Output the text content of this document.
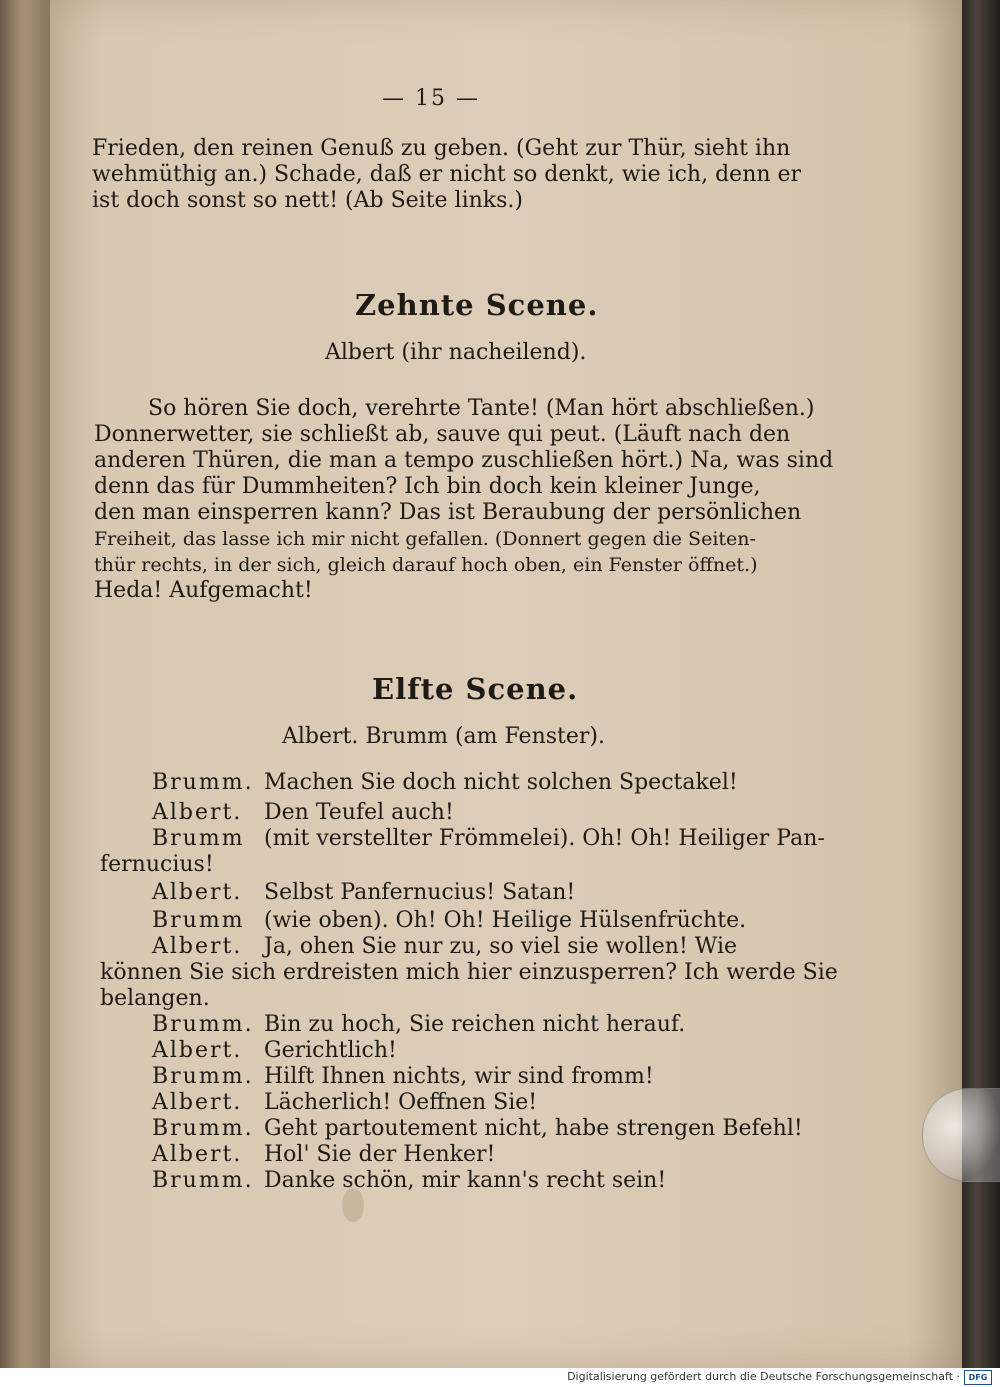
— 15 —
Frieden, den reinen Genuß zu geben. (Geht zur Thür, sieht ihn
wehmüthig an.) Schade, daß er nicht so denkt, wie ich, denn er
ist doch sonst so nett! (Ab Seite links.)
Zehnte Scene.
Albert (ihr nacheilend).
So hören Sie doch, verehrte Tante! (Man hört abschließen.)
Donnerwetter, sie schließt ab, sauve qui peut. (Läuft nach den
anderen Thüren, die man a tempo zuschließen hört.) Na, was sind
denn das für Dummheiten? Ich bin doch kein kleiner Junge,
den man einsperren kann? Das ist Beraubung der persönlichen
Freiheit, das lasse ich mir nicht gefallen. (Donnert gegen die Seiten-
thür rechts, in der sich, gleich darauf hoch oben, ein Fenster öffnet.)
Heda! Aufgemacht!
Elfte Scene.
Albert. Brumm (am Fenster).
Brumm. Machen Sie doch nicht solchen Spectakel!
Albert. Den Teufel auch!
Brumm (mit verstellter Frömmelei). Oh! Oh! Heiliger Pan-
fernucius!
Albert. Selbst Panfernucius! Satan!
Brumm (wie oben). Oh! Oh! Heilige Hülsenfrüchte.
Albert. Ja, ohen Sie nur zu, so viel sie wollen! Wie
können Sie sich erdreisten mich hier einzusperren? Ich werde Sie
belangen.
Brumm. Bin zu hoch, Sie reichen nicht herauf.
Albert. Gerichtlich!
Brumm. Hilft Ihnen nichts, wir sind fromm!
Albert. Lächerlich! Oeffnen Sie!
Brumm. Geht partoutement nicht, habe strengen Befehl!
Albert. Hol' Sie der Henker!
Brumm. Danke schön, mir kann's recht sein!
Digitalisierung gefördert durch die Deutsche Forschungsgemeinschaft ·	DFG
